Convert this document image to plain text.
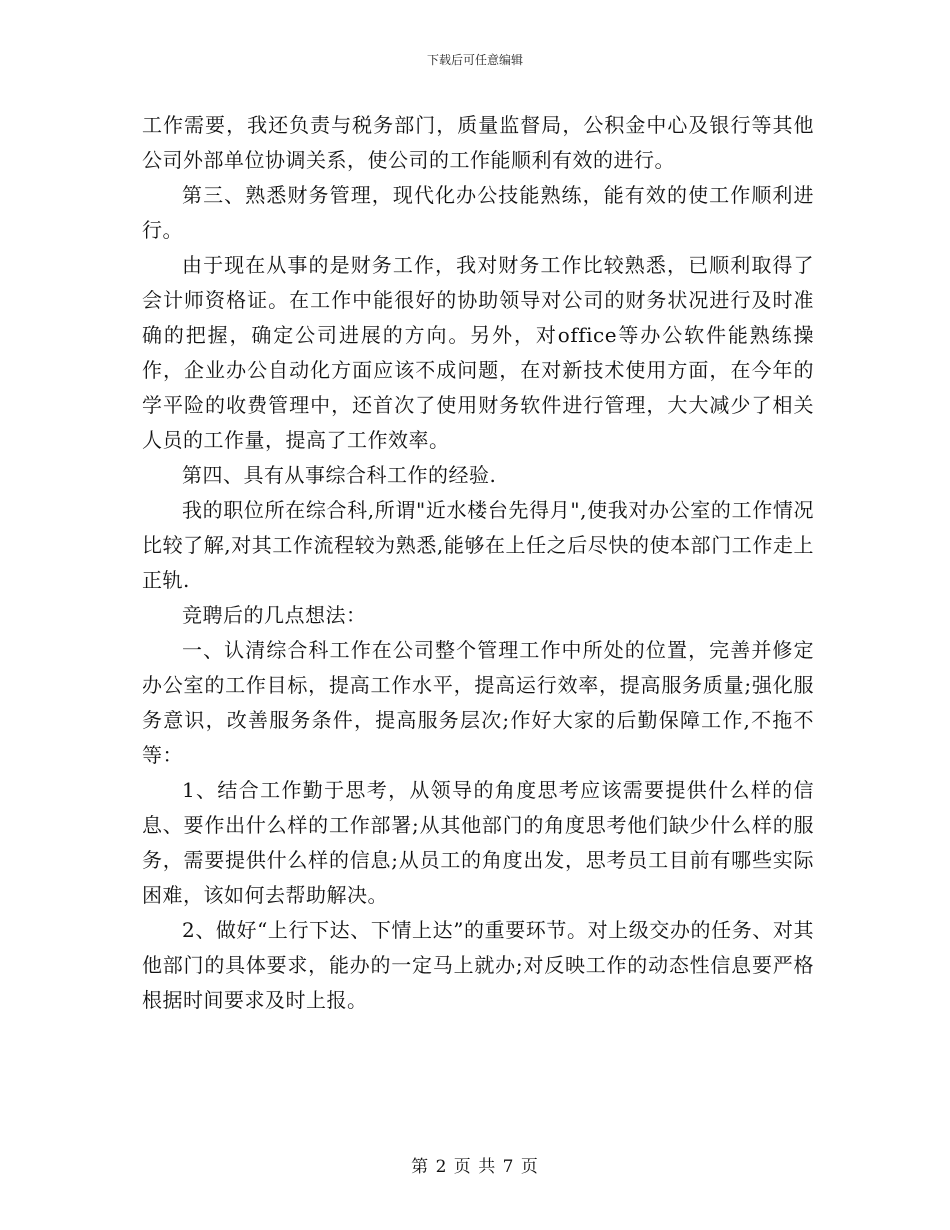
下载后可任意编辑

工作需要，我还负责与税务部门，质量监督局，公积金中心及银行等其他公司外部单位协调关系，使公司的工作能顺利有效的进行。

第三、熟悉财务管理，现代化办公技能熟练，能有效的使工作顺利进行。

由于现在从事的是财务工作，我对财务工作比较熟悉，已顺利取得了会计师资格证。在工作中能很好的协助领导对公司的财务状况进行及时准确的把握，确定公司进展的方向。另外，对office等办公软件能熟练操作，企业办公自动化方面应该不成问题，在对新技术使用方面，在今年的学平险的收费管理中，还首次了使用财务软件进行管理，大大减少了相关人员的工作量，提高了工作效率。

第四、具有从事综合科工作的经验.

我的职位所在综合科,所谓"近水楼台先得月",使我对办公室的工作情况比较了解,对其工作流程较为熟悉,能够在上任之后尽快的使本部门工作走上正轨.

竞聘后的几点想法：

一、认清综合科工作在公司整个管理工作中所处的位置，完善并修定办公室的工作目标，提高工作水平，提高运行效率，提高服务质量;强化服务意识，改善服务条件，提高服务层次;作好大家的后勤保障工作,不拖不等：

1、结合工作勤于思考，从领导的角度思考应该需要提供什么样的信息、要作出什么样的工作部署;从其他部门的角度思考他们缺少什么样的服务，需要提供什么样的信息;从员工的角度出发，思考员工目前有哪些实际困难，该如何去帮助解决。

2、做好“上行下达、下情上达”的重要环节。对上级交办的任务、对其他部门的具体要求，能办的一定马上就办;对反映工作的动态性信息要严格根据时间要求及时上报。

第 2 页 共 7 页
